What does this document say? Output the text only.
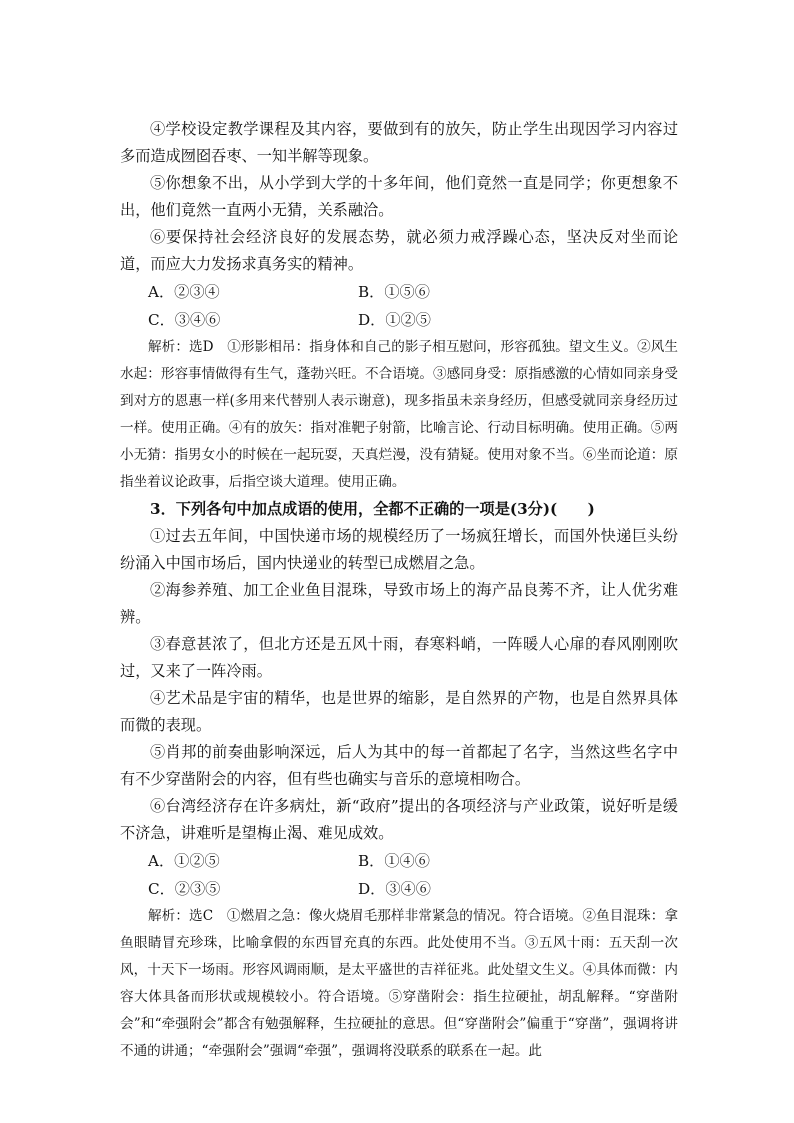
④学校设定教学课程及其内容，要做到有的放矢，防止学生出现因学习内容过多而造成囫囵吞枣、一知半解等现象。

⑤你想象不出，从小学到大学的十多年间，他们竟然一直是同学；你更想象不出，他们竟然一直两小无猜，关系融洽。

⑥要保持社会经济良好的发展态势，就必须力戒浮躁心态，坚决反对坐而论道，而应大力发扬求真务实的精神。

A．②③④	B．①⑤⑥
C．③④⑥	D．①②⑤

解析：选D　①形影相吊：指身体和自己的影子相互慰问，形容孤独。望文生义。②风生水起：形容事情做得有生气，蓬勃兴旺。不合语境。③感同身受：原指感激的心情如同亲身受到对方的恩惠一样(多用来代替别人表示谢意)，现多指虽未亲身经历，但感受就同亲身经历过一样。使用正确。④有的放矢：指对准靶子射箭，比喻言论、行动目标明确。使用正确。⑤两小无猜：指男女小的时候在一起玩耍，天真烂漫，没有猜疑。使用对象不当。⑥坐而论道：原指坐着议论政事，后指空谈大道理。使用正确。

3．下列各句中加点成语的使用，全都不正确的一项是(3分)(　　)

①过去五年间，中国快递市场的规模经历了一场疯狂增长，而国外快递巨头纷纷涌入中国市场后，国内快递业的转型已成燃眉之急。

②海参养殖、加工企业鱼目混珠，导致市场上的海产品良莠不齐，让人优劣难辨。

③春意甚浓了，但北方还是五风十雨，春寒料峭，一阵暖人心扉的春风刚刚吹过，又来了一阵冷雨。

④艺术品是宇宙的精华，也是世界的缩影，是自然界的产物，也是自然界具体而微的表现。

⑤肖邦的前奏曲影响深远，后人为其中的每一首都起了名字，当然这些名字中有不少穿凿附会的内容，但有些也确实与音乐的意境相吻合。

⑥台湾经济存在许多病灶，新“政府”提出的各项经济与产业政策，说好听是缓不济急，讲难听是望梅止渴、难见成效。

A．①②⑤	B．①④⑥
C．②③⑤	D．③④⑥

解析：选C　①燃眉之急：像火烧眉毛那样非常紧急的情况。符合语境。②鱼目混珠：拿鱼眼睛冒充珍珠，比喻拿假的东西冒充真的东西。此处使用不当。③五风十雨：五天刮一次风，十天下一场雨。形容风调雨顺，是太平盛世的吉祥征兆。此处望文生义。④具体而微：内容大体具备而形状或规模较小。符合语境。⑤穿凿附会：指生拉硬扯，胡乱解释。“穿凿附会”和“牵强附会”都含有勉强解释，生拉硬扯的意思。但“穿凿附会”偏重于“穿凿”，强调将讲不通的讲通；“牵强附会”强调“牵强”，强调将没联系的联系在一起。此
